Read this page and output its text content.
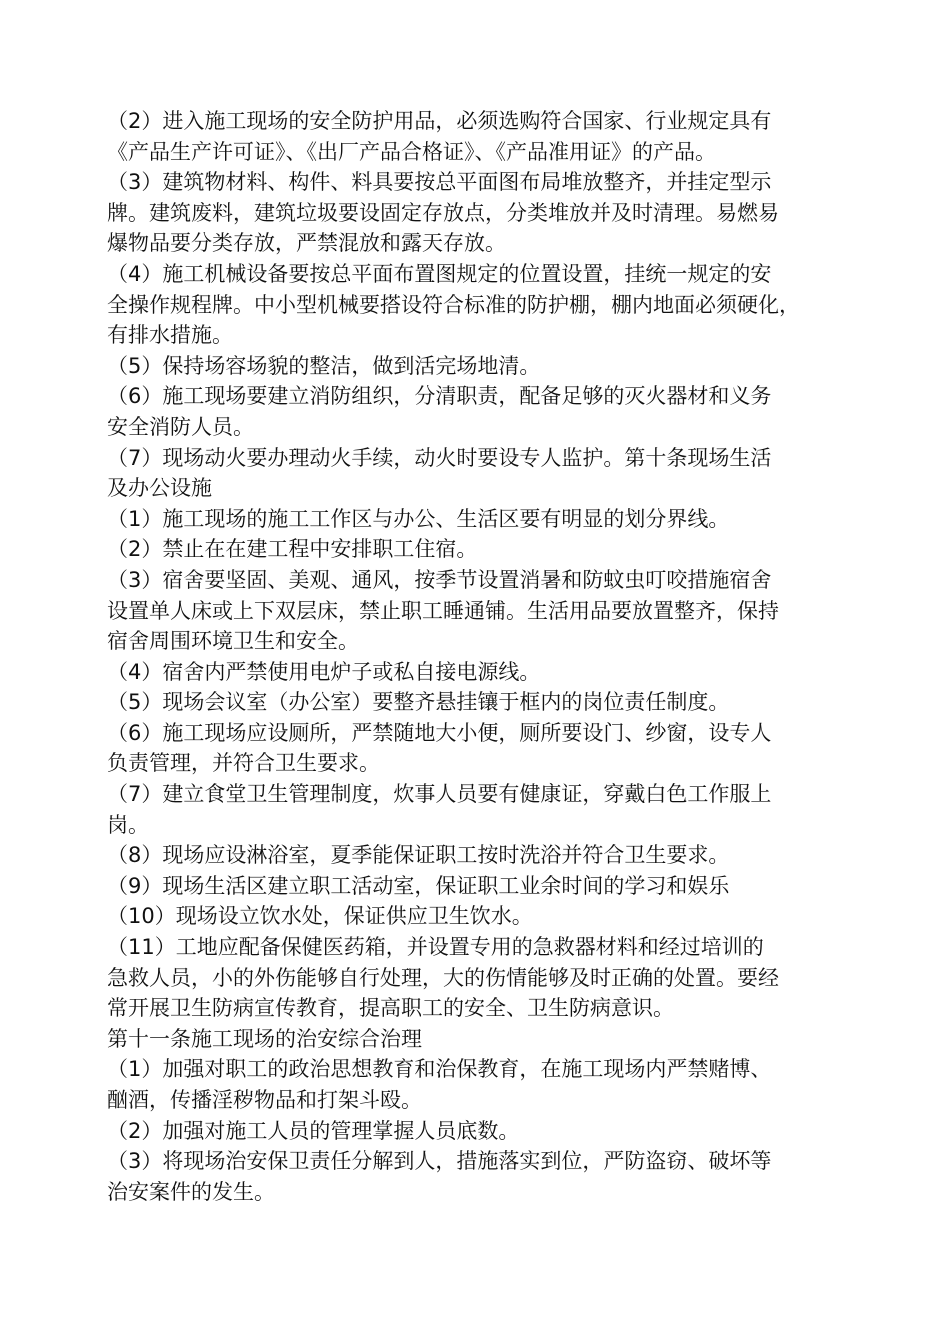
（2）进入施工现场的安全防护用品，必须选购符合国家、行业规定具有
《产品生产许可证》、《出厂产品合格证》、《产品准用证》的产品。
（3）建筑物材料、构件、料具要按总平面图布局堆放整齐，并挂定型示
牌。建筑废料，建筑垃圾要设固定存放点，分类堆放并及时清理。易燃易
爆物品要分类存放，严禁混放和露天存放。
（4）施工机械设备要按总平面布置图规定的位置设置，挂统一规定的安
全操作规程牌。中小型机械要搭设符合标准的防护棚，棚内地面必须硬化，
有排水措施。
（5）保持场容场貌的整洁，做到活完场地清。
（6）施工现场要建立消防组织，分清职责，配备足够的灭火器材和义务
安全消防人员。
（7）现场动火要办理动火手续，动火时要设专人监护。第十条现场生活
及办公设施
（1）施工现场的施工工作区与办公、生活区要有明显的划分界线。
（2）禁止在在建工程中安排职工住宿。
（3）宿舍要坚固、美观、通风，按季节设置消暑和防蚊虫叮咬措施宿舍
设置单人床或上下双层床，禁止职工睡通铺。生活用品要放置整齐，保持
宿舍周围环境卫生和安全。
（4）宿舍内严禁使用电炉子或私自接电源线。
（5）现场会议室（办公室）要整齐悬挂镶于框内的岗位责任制度。
（6）施工现场应设厕所，严禁随地大小便，厕所要设门、纱窗，设专人
负责管理，并符合卫生要求。
（7）建立食堂卫生管理制度，炊事人员要有健康证，穿戴白色工作服上
岗。
（8）现场应设淋浴室，夏季能保证职工按时洗浴并符合卫生要求。
（9）现场生活区建立职工活动室，保证职工业余时间的学习和娱乐
（10）现场设立饮水处，保证供应卫生饮水。
（11）工地应配备保健医药箱，并设置专用的急救器材料和经过培训的
急救人员，小的外伤能够自行处理，大的伤情能够及时正确的处置。要经
常开展卫生防病宣传教育，提高职工的安全、卫生防病意识。
第十一条施工现场的治安综合治理
（1）加强对职工的政治思想教育和治保教育，在施工现场内严禁赌博、
酗酒，传播淫秽物品和打架斗殴。
（2）加强对施工人员的管理掌握人员底数。
（3）将现场治安保卫责任分解到人，措施落实到位，严防盗窃、破坏等
治安案件的发生。
